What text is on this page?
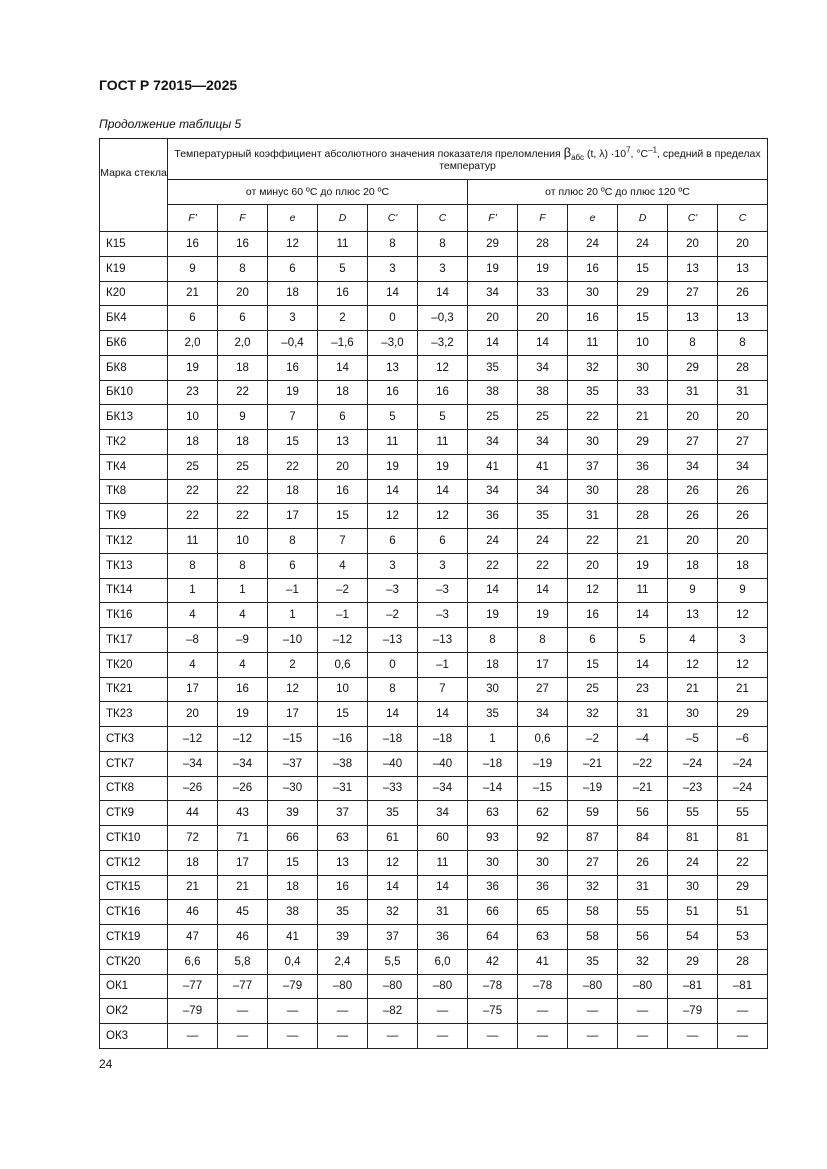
ГОСТ Р 72015—2025
Продолжение таблицы 5
Марка стекла	Температурный коэффициент абсолютного значения показателя преломления $\beta_{абс}$ (t, $\lambda) \cdot 10^7$, $^\circ С^{-1}$, средний в пределах температур											
	от минус 60 ºС до плюс 20 ºС						от плюс 20 ºС до плюс 120 ºС					
	F'	F	e	D	C'	C	F'	F	e	D	C'	C
К15	16	16	12	11	8	8	29	28	24	24	20	20
К19	9	8	6	5	3	3	19	19	16	15	13	13
К20	21	20	18	16	14	14	34	33	30	29	27	26
БК4	6	6	3	2	0	–0,3	20	20	16	15	13	13
БК6	2,0	2,0	–0,4	–1,6	–3,0	–3,2	14	14	11	10	8	8
БК8	19	18	16	14	13	12	35	34	32	30	29	28
БК10	23	22	19	18	16	16	38	38	35	33	31	31
БК13	10	9	7	6	5	5	25	25	22	21	20	20
ТК2	18	18	15	13	11	11	34	34	30	29	27	27
ТК4	25	25	22	20	19	19	41	41	37	36	34	34
ТК8	22	22	18	16	14	14	34	34	30	28	26	26
ТК9	22	22	17	15	12	12	36	35	31	28	26	26
ТК12	11	10	8	7	6	6	24	24	22	21	20	20
ТК13	8	8	6	4	3	3	22	22	20	19	18	18
ТК14	1	1	–1	–2	–3	–3	14	14	12	11	9	9
ТК16	4	4	1	–1	–2	–3	19	19	16	14	13	12
ТК17	–8	–9	–10	–12	–13	–13	8	8	6	5	4	3
ТК20	4	4	2	0,6	0	–1	18	17	15	14	12	12
ТК21	17	16	12	10	8	7	30	27	25	23	21	21
ТК23	20	19	17	15	14	14	35	34	32	31	30	29
СТК3	–12	–12	–15	–16	–18	–18	1	0,6	–2	–4	–5	–6
СТК7	–34	–34	–37	–38	–40	–40	–18	–19	–21	–22	–24	–24
СТК8	–26	–26	–30	–31	–33	–34	–14	–15	–19	–21	–23	–24
СТК9	44	43	39	37	35	34	63	62	59	56	55	55
СТК10	72	71	66	63	61	60	93	92	87	84	81	81
СТК12	18	17	15	13	12	11	30	30	27	26	24	22
СТК15	21	21	18	16	14	14	36	36	32	31	30	29
СТК16	46	45	38	35	32	31	66	65	58	55	51	51
СТК19	47	46	41	39	37	36	64	63	58	56	54	53
СТК20	6,6	5,8	0,4	2,4	5,5	6,0	42	41	35	32	29	28
ОК1	–77	–77	–79	–80	–80	–80	–78	–78	–80	–80	–81	–81
ОК2	–79	—	—	—	–82	—	–75	—	—	—	–79	—
ОК3	—	—	—	—	—	—	—	—	—	—	—	—
24
